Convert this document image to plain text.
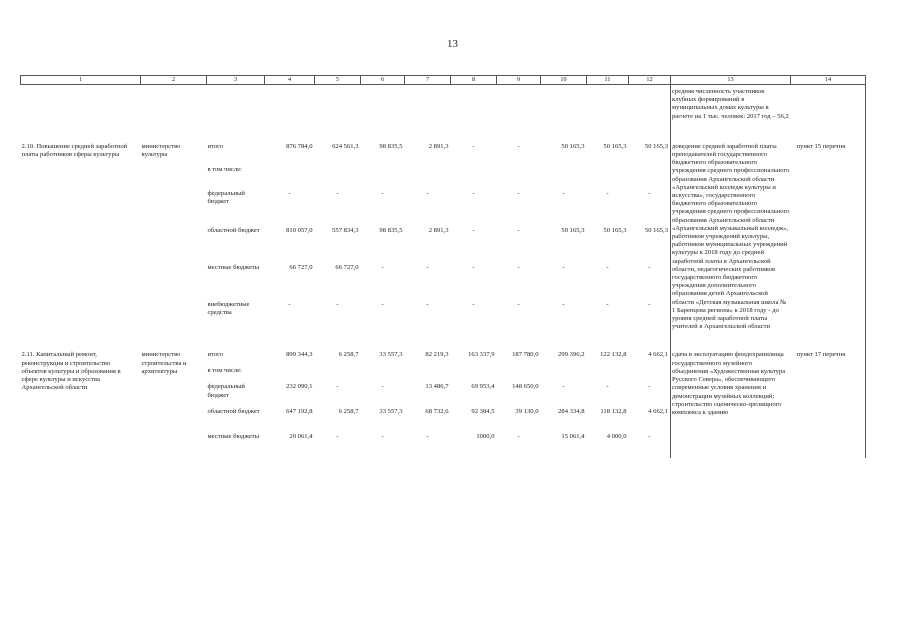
13
1	2	3	4	5	6	7	8	9	10	11	12	13	14
												средняя численность участников клубных формирований в муниципальных домах культуры в расчете на 1 тыс. человек: 2017 год – 56,2	

2.10. Повышение средней заработной платы работников сферы культуры	министерство культуры	итого	876 784,0	624 561,3	98 835,5	2 891,3	-	-	50 165,3	50 165,3	50 165,3	доведение средней заработной платы преподавателей государственного бюджетного образовательного учреждения среднего профессионального образования Архангельской области «Архангельский колледж культуры и искусства», государственного бюджетного образовательного учреждения среднего профессионального образования Архангельской области «Архангельский музыкальный колледж», работников учреждений культуры, работников муниципальных учреждений культуры к 2018 году до средней заработной платы в Архангельской области, педагогических работников государственного бюджетного учреждения дополнительного образования детей Архангельской области «Детская музыкальная школа № 1 Баренцева региона» к 2018 году - до уровня средней заработной платы учителей в Архангельской области	пункт 15 перечня
		в том числе:											
		федеральный бюджет	-	-	-	-	-	-	-	-	-		
		областной бюджет	810 057,0	557 834,3	98 835,5	2 891,3	-	-	50 165,3	50 165,3	50 165,3		
		местные бюджеты	66 727,0	66 727,0	-	-	-	-	-	-	-		
		внебюджетные средства	-	-	-	-	-	-	-	-	-		

2.11. Капитальный ремонт, реконструкция и строительство объектов культуры и образования в сфере культуры и искусства Архангельской области	министерство строительства и архитектуры	итого	899 344,3	6 258,7	33 557,3	82 219,3	163 337,9	187 780,0	299 396,2	122 132,8	4 662,1	сдача в эксплуатацию фондохранилища государственного музейного объединения «Художественная культура Русского Севера», обеспечивающего современные условия хранения и демонстрации музейных коллекций; строительство сценическо-зрелищного комплекса к зданию	пункт 17 перечня
		в том числе:											
		федеральный бюджет	232 090,1	-	-	13 486,7	69 953,4	148 650,0	-	-	-		
		областной бюджет	647 192,8	6 258,7	33 557,3	68 732,6	92 384,5	39 130,0	284 334,8	118 132,8	4 662,1		
		местные бюджеты	20 061,4	-	-	-	1000,0	-	15 061,4	4 000,0	-		
